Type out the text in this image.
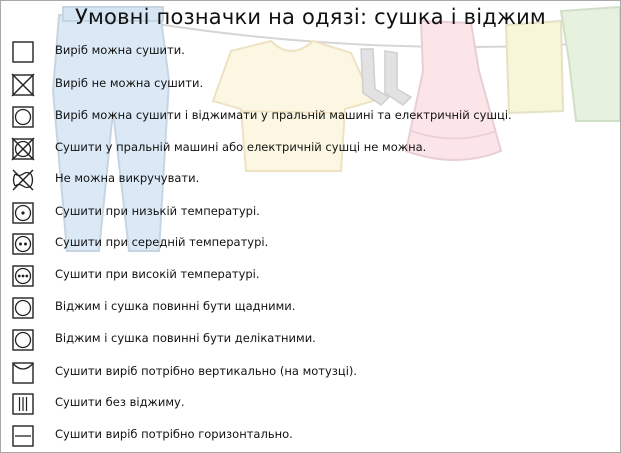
Умовні позначки на одязі: сушка і віджим
Виріб можна сушити.
Виріб не можна сушити.
Виріб можна сушити і віджимати у пральній машині та електричній сушці.
Сушити у пральній машині або електричній сушці не можна.
Не можна викручувати.
Сушити при низькій температурі.
Сушити при середній температурі.
Сушити при високій температурі.
Віджим і сушка повинні бути щадними.
Віджим і сушка повинні бути делікатними.
Сушити виріб потрібно вертикально (на мотузці).
Сушити без віджиму.
Сушити виріб потрібно горизонтально.
